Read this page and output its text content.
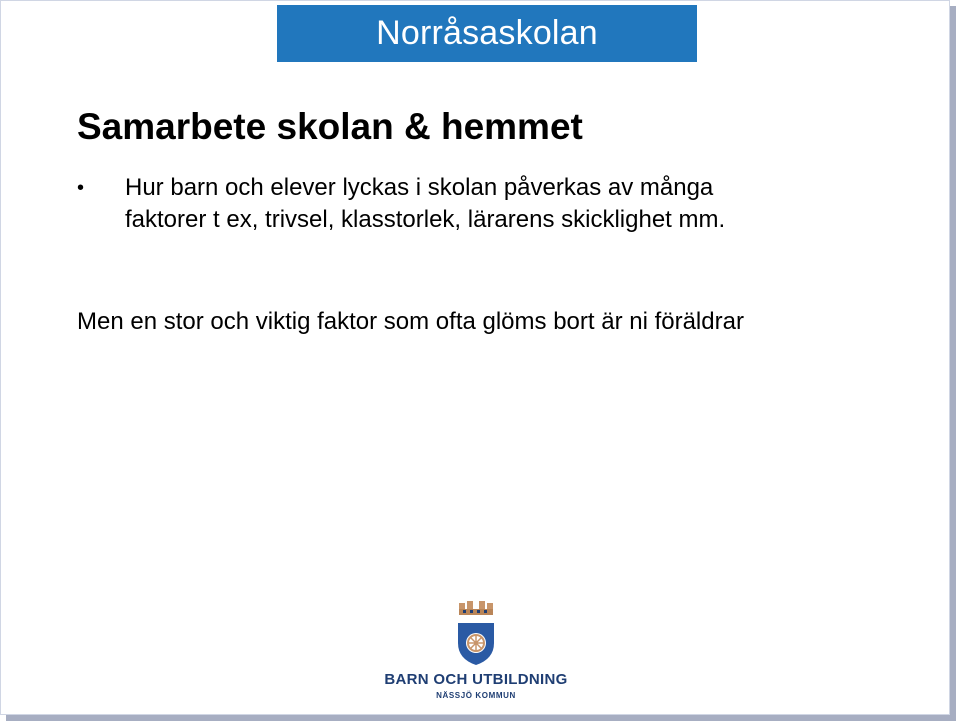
Norråsaskolan
Samarbete skolan & hemmet
•	Hur barn och elever lyckas i skolan påverkas av många
faktorer t ex, trivsel, klasstorlek, lärarens skicklighet mm.
Men en stor och viktig faktor som ofta glöms bort är ni föräldrar
BARN OCH UTBILDNING
NÄSSJÖ KOMMUN
